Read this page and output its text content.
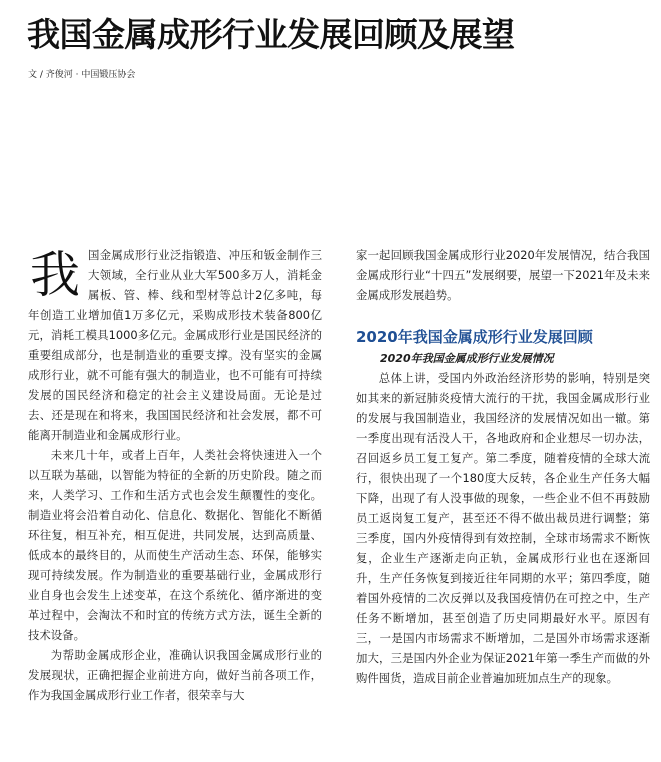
我国金属成形行业发展回顾及展望
文 / 齐俊河 · 中国锻压协会

我国金属成形行业泛指锻造、冲压和钣金制作三大领域，全行业从业大军500多万人，消耗金属板、管、棒、线和型材等总计2亿多吨，每年创造工业增加值1万多亿元，采购成形技术装备800亿元，消耗工模具1000多亿元。金属成形行业是国民经济的重要组成部分，也是制造业的重要支撑。没有坚实的金属成形行业，就不可能有强大的制造业，也不可能有可持续发展的国民经济和稳定的社会主义建设局面。无论是过去、还是现在和将来，我国国民经济和社会发展，都不可能离开制造业和金属成形行业。

未来几十年，或者上百年，人类社会将快速进入一个以互联为基础，以智能为特征的全新的历史阶段。随之而来，人类学习、工作和生活方式也会发生颠覆性的变化。制造业将会沿着自动化、信息化、数据化、智能化不断循环往复，相互补充，相互促进，共同发展，达到高质量、低成本的最终目的，从而使生产活动生态、环保，能够实现可持续发展。作为制造业的重要基础行业，金属成形行业自身也会发生上述变革，在这个系统化、循序渐进的变革过程中，会淘汰不和时宜的传统方式方法，诞生全新的技术设备。

为帮助金属成形企业，准确认识我国金属成形行业的发展现状，正确把握企业前进方向，做好当前各项工作，作为我国金属成形行业工作者，很荣幸与大

家一起回顾我国金属成形行业2020年发展情况，结合我国金属成形行业“十四五”发展纲要，展望一下2021年及未来金属成形发展趋势。

2020年我国金属成形行业发展回顾

2020年我国金属成形行业发展情况

总体上讲，受国内外政治经济形势的影响，特别是突如其来的新冠肺炎疫情大流行的干扰，我国金属成形行业的发展与我国制造业，我国经济的发展情况如出一辙。第一季度出现有活没人干，各地政府和企业想尽一切办法，召回返乡员工复工复产。第二季度，随着疫情的全球大流行，很快出现了一个180度大反转，各企业生产任务大幅下降，出现了有人没事做的现象，一些企业不但不再鼓励员工返岗复工复产，甚至还不得不做出裁员进行调整；第三季度，国内外疫情得到有效控制，全球市场需求不断恢复，企业生产逐渐走向正轨，金属成形行业也在逐渐回升，生产任务恢复到接近往年同期的水平；第四季度，随着国外疫情的二次反弹以及我国疫情仍在可控之中，生产任务不断增加，甚至创造了历史同期最好水平。原因有三，一是国内市场需求不断增加，二是国外市场需求逐渐加大，三是国内外企业为保证2021年第一季生产而做的外购件囤货，造成目前企业普遍加班加点生产的现象。
